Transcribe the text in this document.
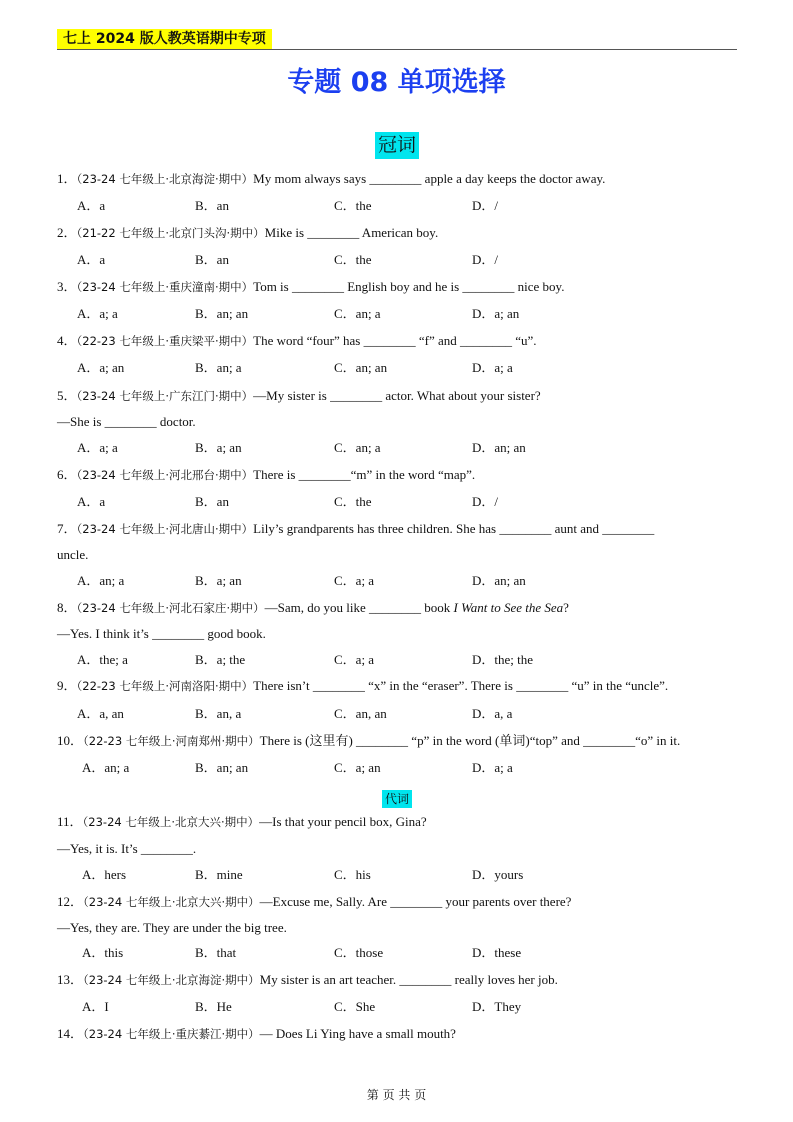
七上 2024 版人教英语期中专项
专题 08 单项选择
冠词
代词
1．（23-24 七年级上·北京海淀·期中）My mom always says ________ apple a day keeps the doctor away.
A．a	B．an	C．the	D．/
2．（21-22 七年级上·北京门头沟·期中）Mike is ________ American boy.
A．a	B．an	C．the	D．/
3．（23-24 七年级上·重庆潼南·期中）Tom is ________ English boy and he is ________ nice boy.
A．a; a	B．an; an	C．an; a	D．a; an
4．（22-23 七年级上·重庆梁平·期中）The word “four” has ________ “f” and ________ “u”.
A．a; an	B．an; a	C．an; an	D．a; a
5．（23-24 七年级上·广东江门·期中）—My sister is ________ actor. What about your sister?
—She is ________ doctor.
A．a; a	B．a; an	C．an; a	D．an; an
6．（23-24 七年级上·河北邢台·期中）There is ________“m” in the word “map”.
A．a	B．an	C．the	D．/
7．（23-24 七年级上·河北唐山·期中）Lily’s grandparents has three children. She has ________ aunt and ________
uncle.
A．an; a	B．a; an	C．a; a	D．an; an
8．（23-24 七年级上·河北石家庄·期中）—Sam, do you like ________ book I Want to See the Sea?
—Yes. I think it’s ________ good book.
A．the; a	B．a; the	C．a; a	D．the; the
9．（22-23 七年级上·河南洛阳·期中）There isn’t ________ “x” in the “eraser”. There is ________ “u” in the “uncle”.
A．a, an	B．an, a	C．an, an	D．a, a
10．（22-23 七年级上·河南郑州·期中）There is (这里有) ________ “p” in the word (单词)“top” and ________“o” in it.
A．an; a	B．an; an	C．a; an	D．a; a
11．（23-24 七年级上·北京大兴·期中）—Is that your pencil box, Gina?
—Yes, it is. It’s ________.
A．hers	B．mine	C．his	D．yours
12．（23-24 七年级上·北京大兴·期中）—Excuse me, Sally. Are ________ your parents over there?
—Yes, they are. They are under the big tree.
A．this	B．that	C．those	D．these
13．（23-24 七年级上·北京海淀·期中）My sister is an art teacher. ________ really loves her job.
A．I	B．He	C．She	D．They
14．（23-24 七年级上·重庆綦江·期中）— Does Li Ying have a small mouth?
第 页 共 页
